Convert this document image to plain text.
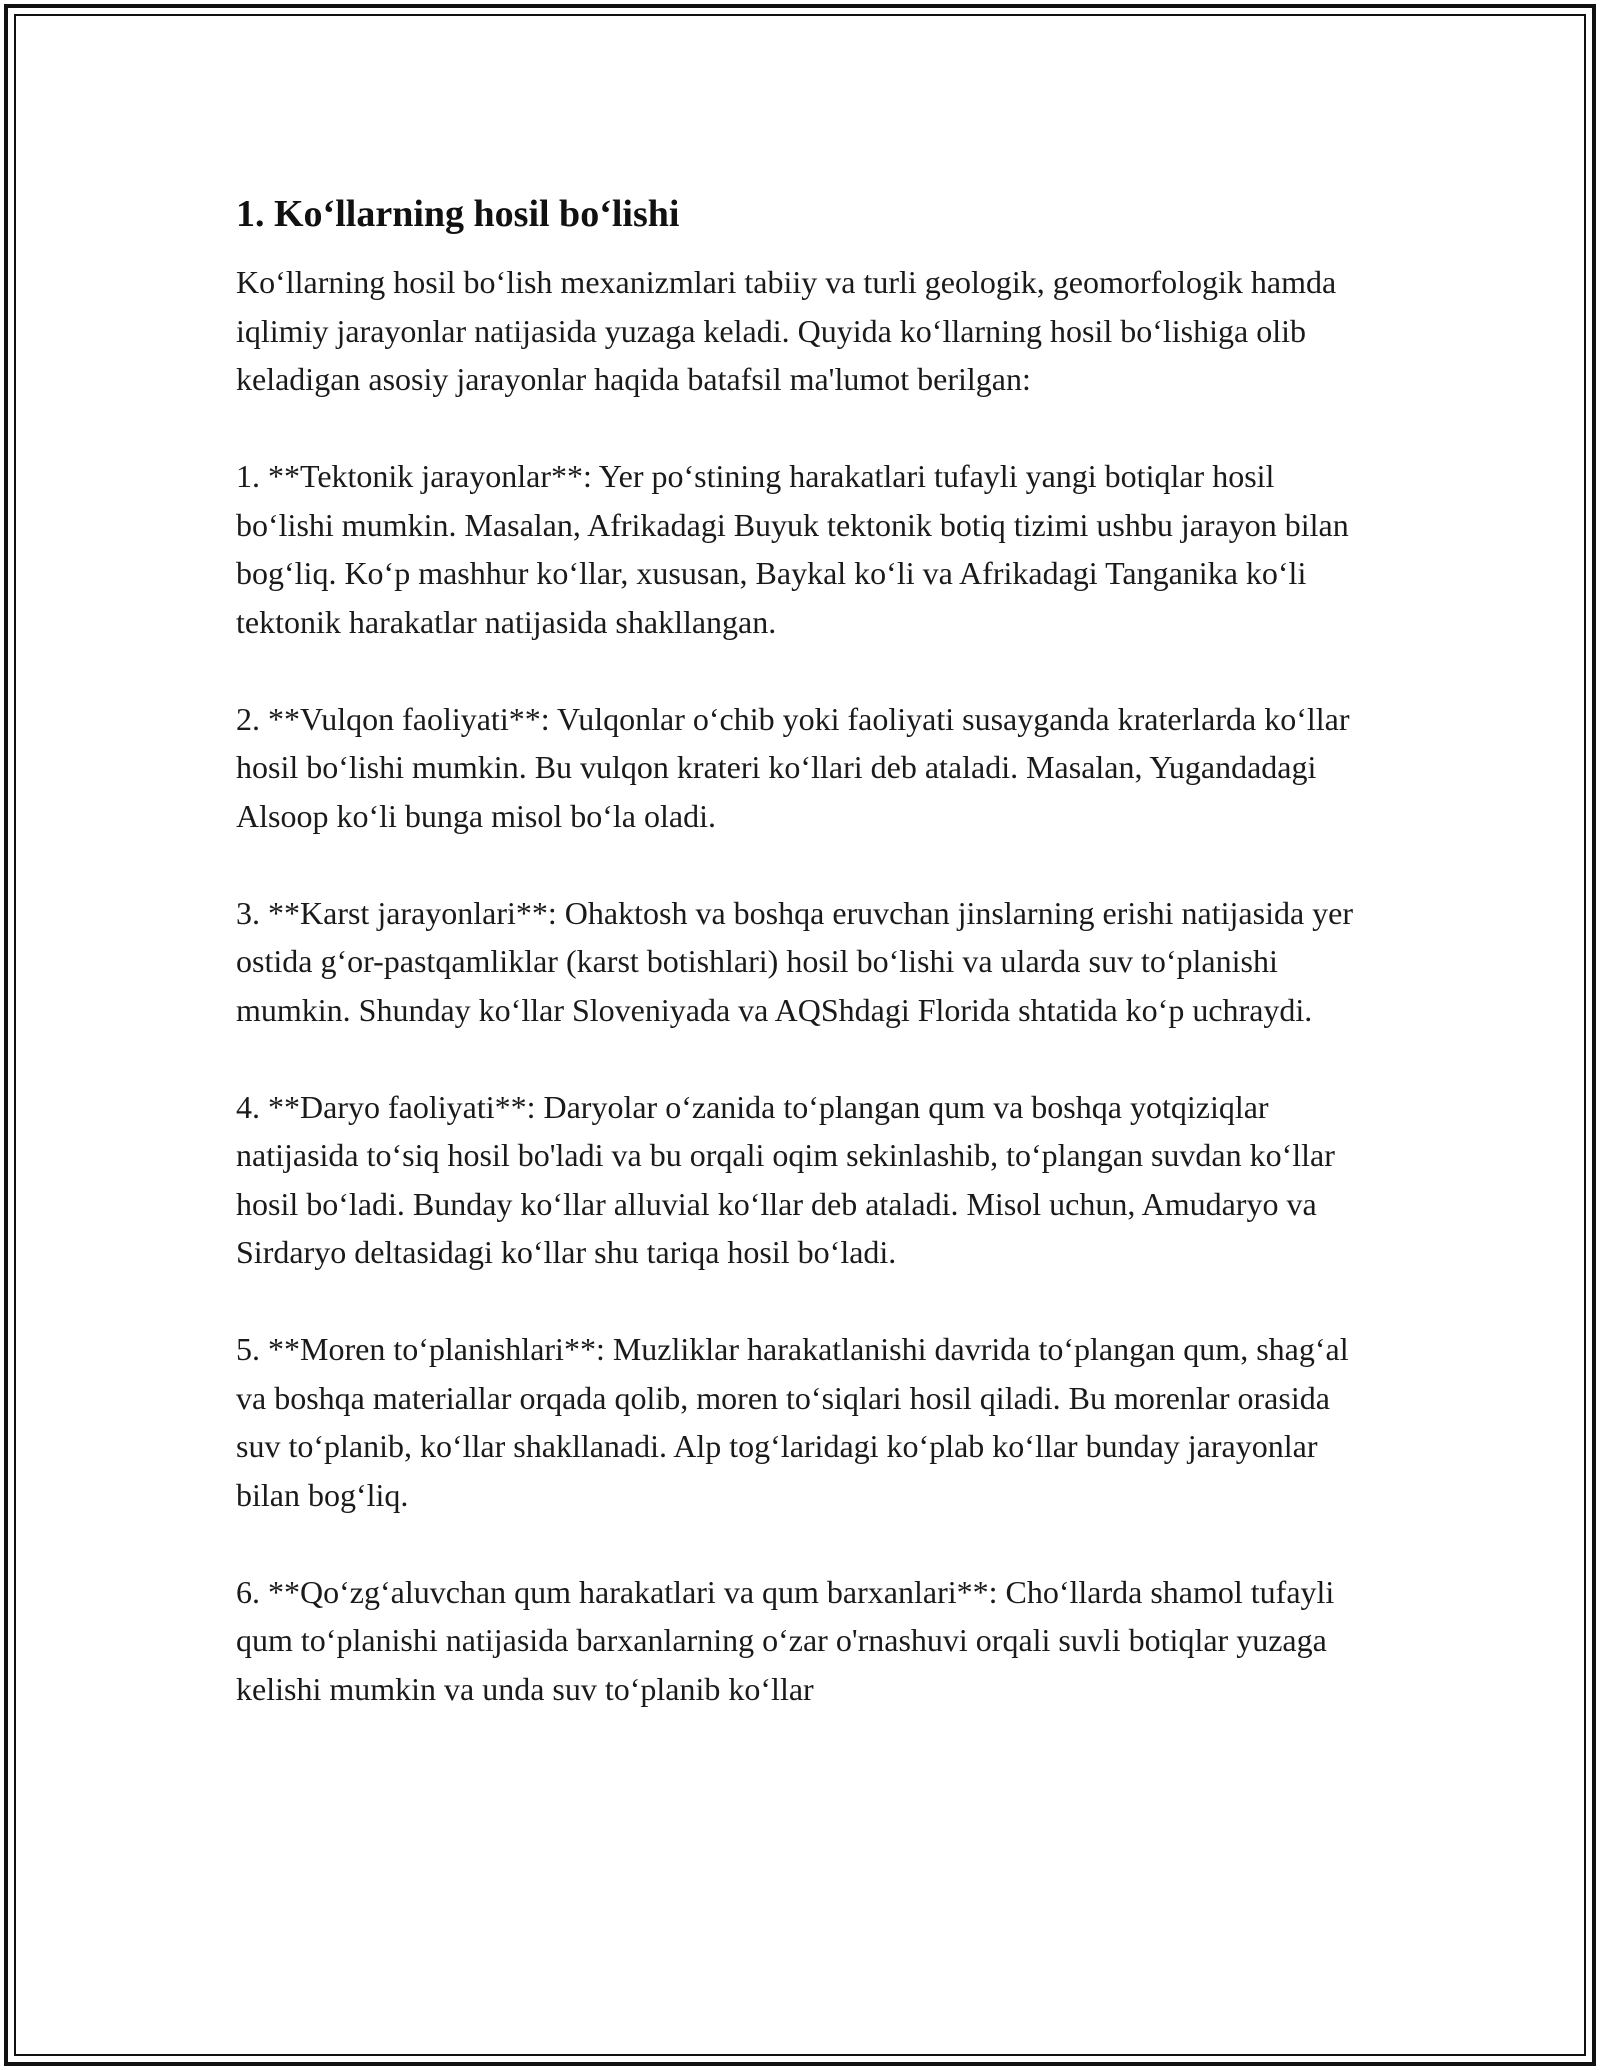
1. Ko‘llarning hosil bo‘lishi

Ko‘llarning hosil bo‘lish mexanizmlari tabiiy va turli geologik, geomorfologik hamda iqlimiy jarayonlar natijasida yuzaga keladi. Quyida ko‘llarning hosil bo‘lishiga olib keladigan asosiy jarayonlar haqida batafsil ma'lumot berilgan:

1. **Tektonik jarayonlar**: Yer po‘stining harakatlari tufayli yangi botiqlar hosil bo‘lishi mumkin. Masalan, Afrikadagi Buyuk tektonik botiq tizimi ushbu jarayon bilan bog‘liq. Ko‘p mashhur ko‘llar, xususan, Baykal ko‘li va Afrikadagi Tanganika ko‘li tektonik harakatlar natijasida shakllangan.

2. **Vulqon faoliyati**: Vulqonlar o‘chib yoki faoliyati susayganda kraterlarda ko‘llar hosil bo‘lishi mumkin. Bu vulqon krateri ko‘llari deb ataladi. Masalan, Yugandadagi Alsoop ko‘li bunga misol bo‘la oladi.

3. **Karst jarayonlari**: Ohaktosh va boshqa eruvchan jinslarning erishi natijasida yer ostida g‘or-pastqamliklar (karst botishlari) hosil bo‘lishi va ularda suv to‘planishi mumkin. Shunday ko‘llar Sloveniyada va AQShdagi Florida shtatida ko‘p uchraydi.

4. **Daryo faoliyati**: Daryolar o‘zanida to‘plangan qum va boshqa yotqiziqlar natijasida to‘siq hosil bo'ladi va bu orqali oqim sekinlashib, to‘plangan suvdan ko‘llar hosil bo‘ladi. Bunday ko‘llar alluvial ko‘llar deb ataladi. Misol uchun, Amudaryo va Sirdaryo deltasidagi ko‘llar shu tariqa hosil bo‘ladi.

5. **Moren to‘planishlari**: Muzliklar harakatlanishi davrida to‘plangan qum, shag‘al va boshqa materiallar orqada qolib, moren to‘siqlari hosil qiladi. Bu morenlar orasida suv to‘planib, ko‘llar shakllanadi. Alp tog‘laridagi ko‘plab ko‘llar bunday jarayonlar bilan bog‘liq.

6. **Qo‘zg‘aluvchan qum harakatlari va qum barxanlari**: Cho‘llarda shamol tufayli qum to‘planishi natijasida barxanlarning o‘zar o'rnashuvi orqali suvli botiqlar yuzaga kelishi mumkin va unda suv to‘planib ko‘llar
